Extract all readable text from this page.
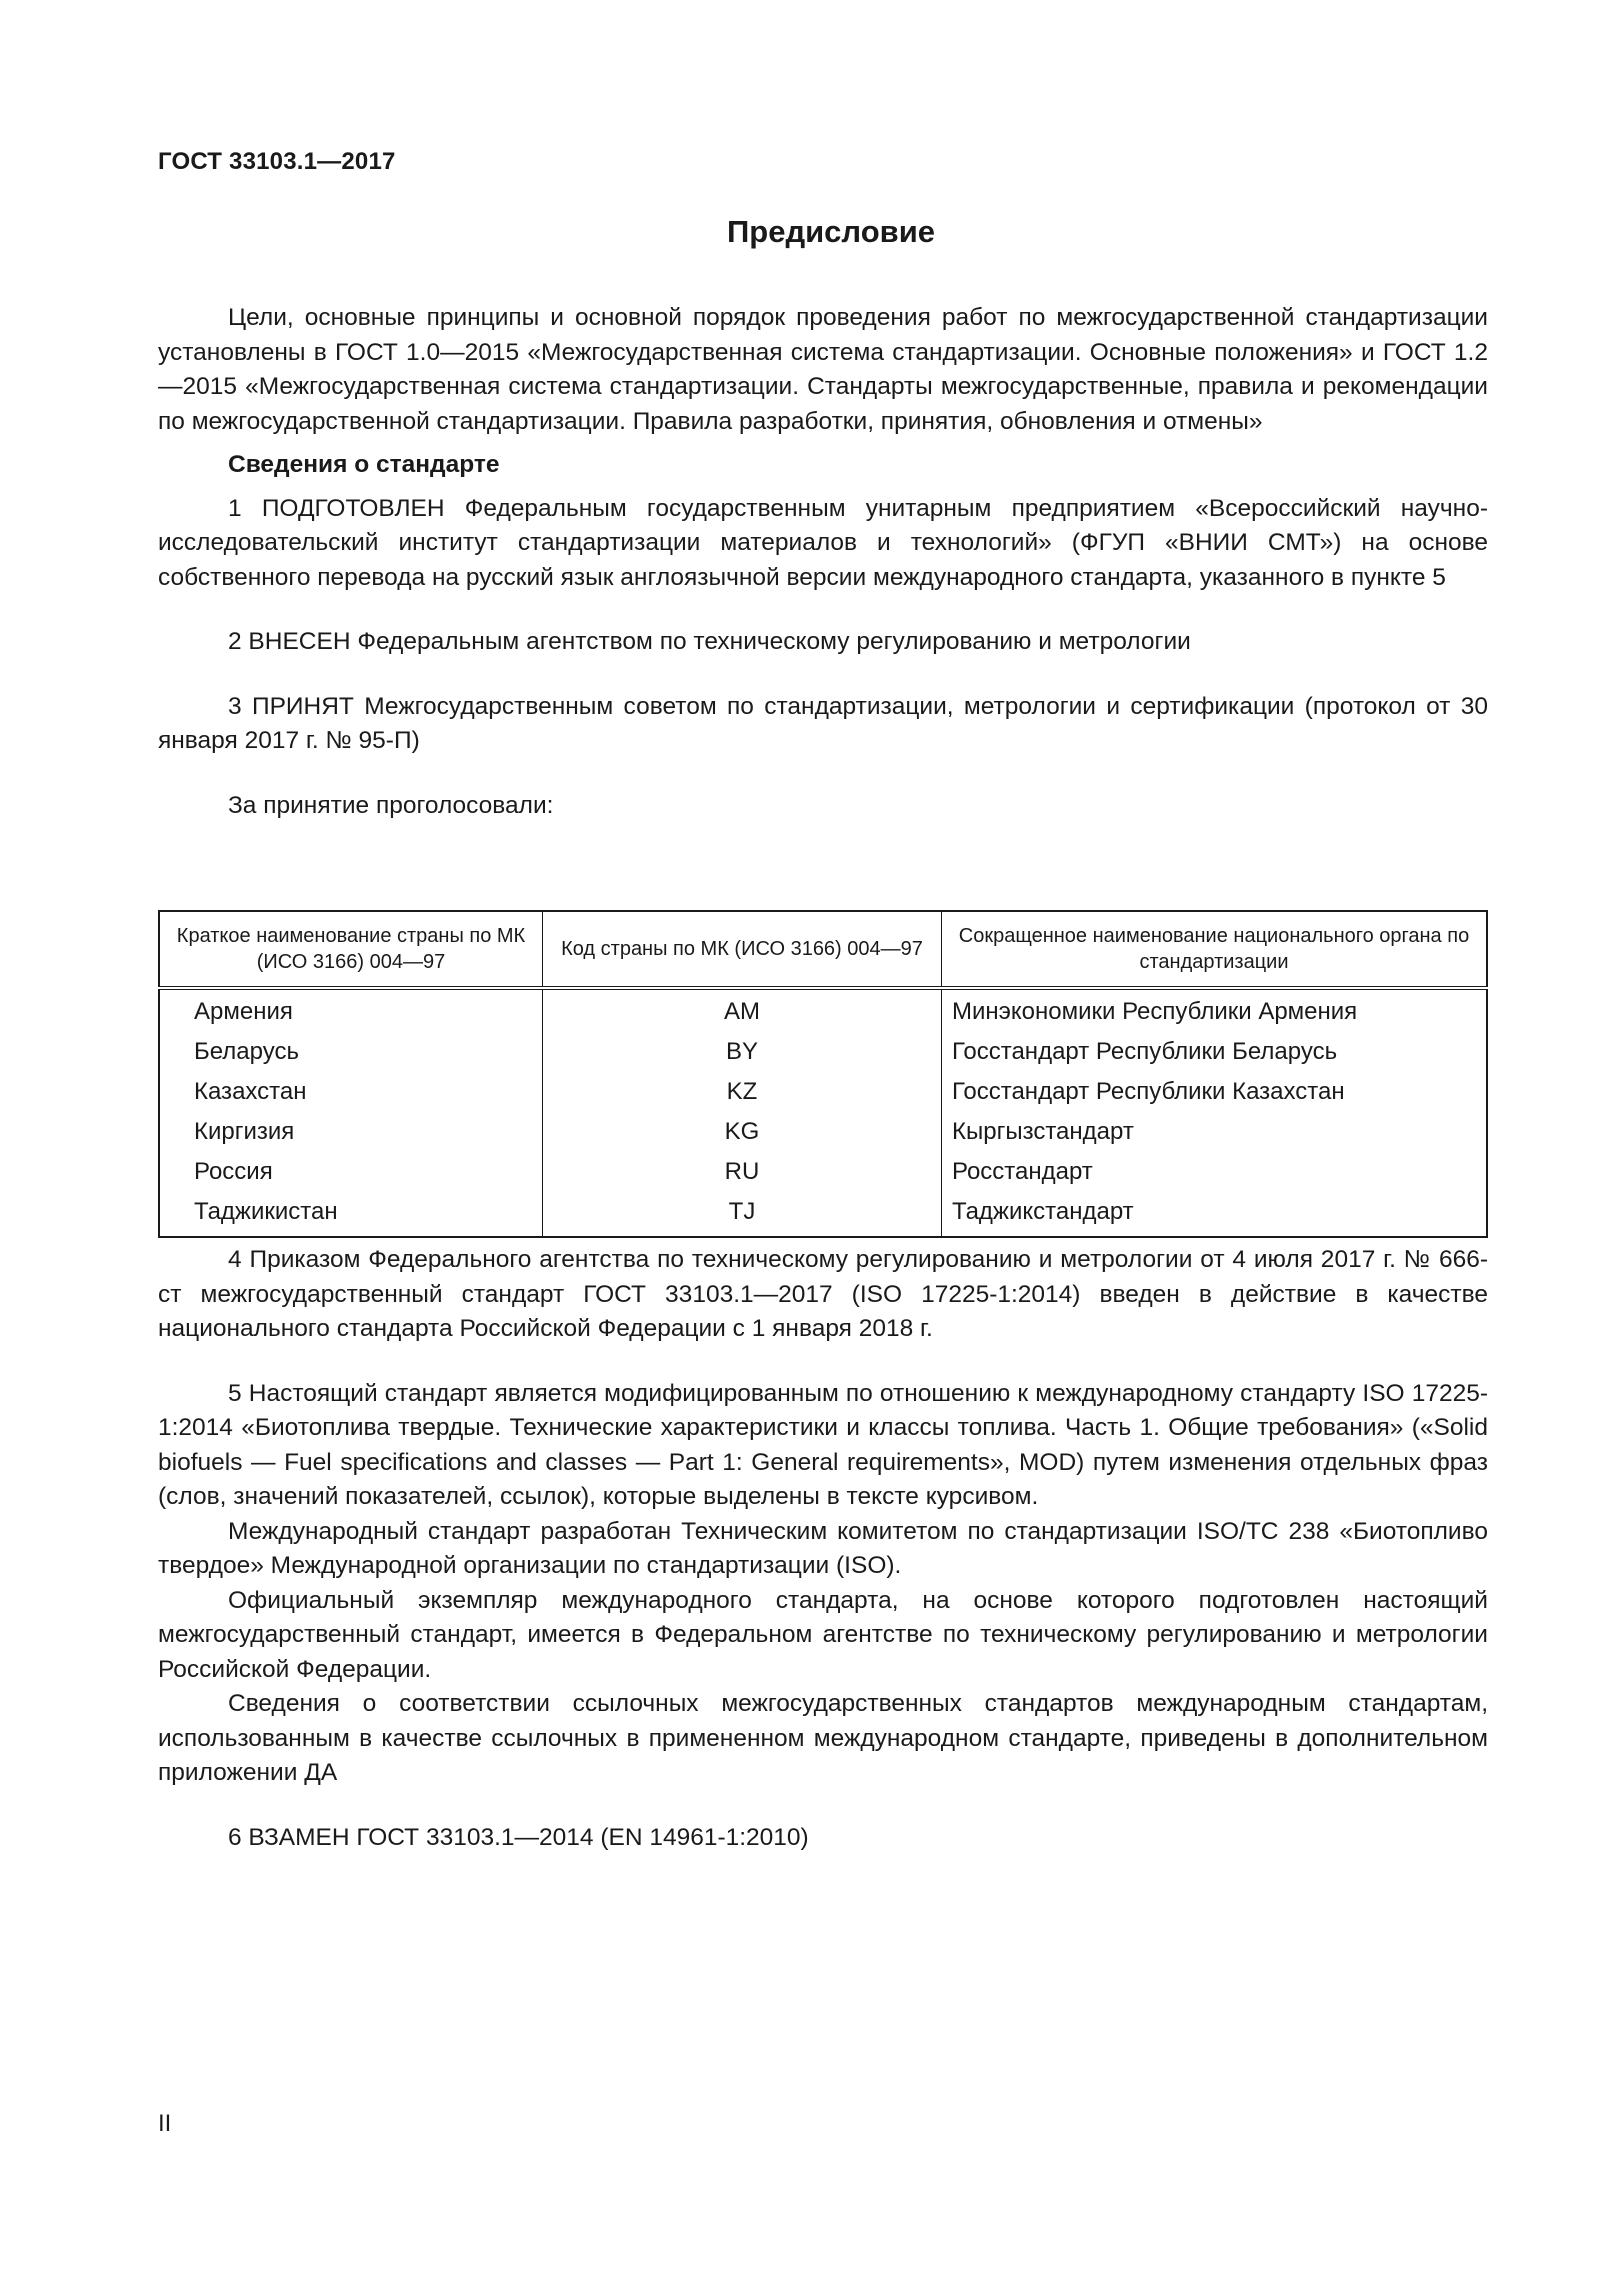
ГОСТ 33103.1—2017
Предисловие

Цели, основные принципы и основной порядок проведения работ по межгосударственной стандартизации установлены в ГОСТ 1.0—2015 «Межгосударственная система стандартизации. Основные положения» и ГОСТ 1.2—2015 «Межгосударственная система стандартизации. Стандарты межгосударственные, правила и рекомендации по межгосударственной стандартизации. Правила разработки, принятия, обновления и отмены»

Сведения о стандарте

1 ПОДГОТОВЛЕН Федеральным государственным унитарным предприятием «Всероссийский научно-исследовательский институт стандартизации материалов и технологий» (ФГУП «ВНИИ СМТ») на основе собственного перевода на русский язык англоязычной версии международного стандарта, указанного в пункте 5

2 ВНЕСЕН Федеральным агентством по техническому регулированию и метрологии

3 ПРИНЯТ Межгосударственным советом по стандартизации, метрологии и сертификации (протокол от 30 января 2017 г. № 95-П)

За принятие проголосовали:

Краткое наименование страны по МК (ИСО 3166) 004—97	Код страны по МК (ИСО 3166) 004—97	Сокращенное наименование национального органа по стандартизации
Армения	AM	Минэкономики Республики Армения
Беларусь	BY	Госстандарт Республики Беларусь
Казахстан	KZ	Госстандарт Республики Казахстан
Киргизия	KG	Кыргызстандарт
Россия	RU	Росстандарт
Таджикистан	TJ	Таджикстандарт

4 Приказом Федерального агентства по техническому регулированию и метрологии от 4 июля 2017 г. № 666-ст межгосударственный стандарт ГОСТ 33103.1—2017 (ISO 17225-1:2014) введен в действие в качестве национального стандарта Российской Федерации с 1 января 2018 г.

5 Настоящий стандарт является модифицированным по отношению к международному стандарту ISO 17225-1:2014 «Биотоплива твердые. Технические характеристики и классы топлива. Часть 1. Общие требования» («Solid biofuels — Fuel specifications and classes — Part 1: General requirements», MOD) путем изменения отдельных фраз (слов, значений показателей, ссылок), которые выделены в тексте курсивом.

Международный стандарт разработан Техническим комитетом по стандартизации ISO/TC 238 «Биотопливо твердое» Международной организации по стандартизации (ISO).

Официальный экземпляр международного стандарта, на основе которого подготовлен настоящий межгосударственный стандарт, имеется в Федеральном агентстве по техническому регулированию и метрологии Российской Федерации.

Сведения о соответствии ссылочных межгосударственных стандартов международным стандартам, использованным в качестве ссылочных в примененном международном стандарте, приведены в дополнительном приложении ДА

6 ВЗАМЕН ГОСТ 33103.1—2014 (EN 14961-1:2010)

II
